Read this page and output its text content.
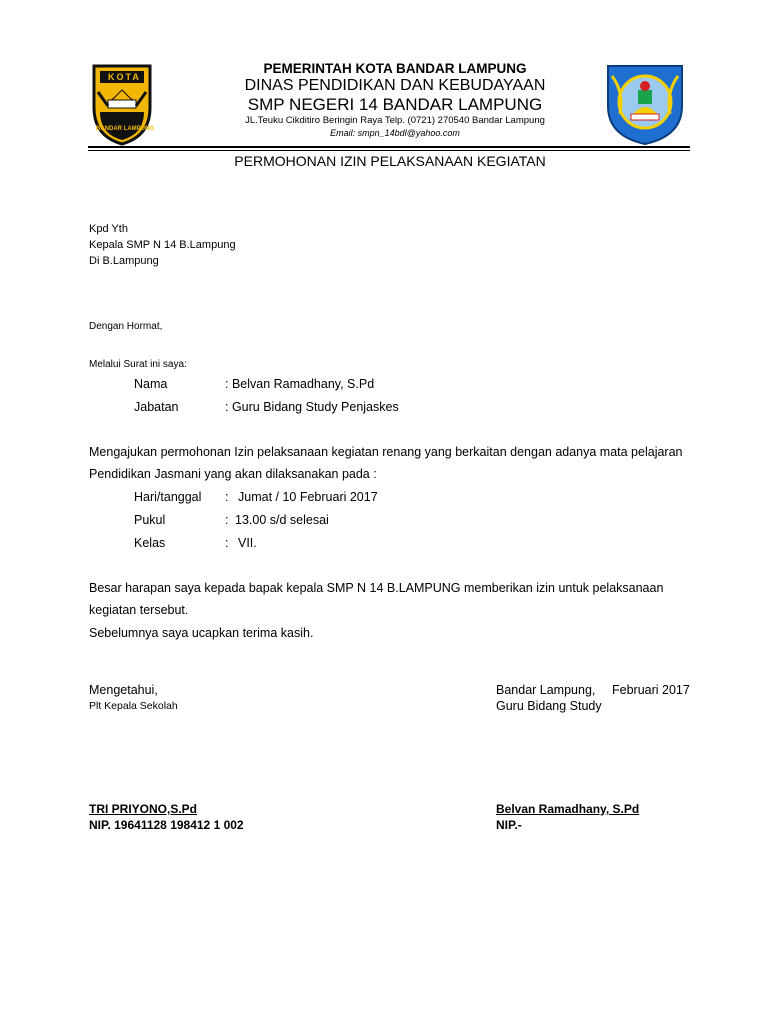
KOTA
BANDAR LAMPUNG
PEMERINTAH KOTA BANDAR LAMPUNG
DINAS PENDIDIKAN DAN KEBUDAYAAN
SMP NEGERI 14 BANDAR LAMPUNG
JL.Teuku Cikditiro Beringin Raya Telp. (0721) 270540 Bandar Lampung
Email: smpn_14bdl@yahoo.com
PERMOHONAN IZIN PELAKSANAAN KEGIATAN
Kpd Yth
Kepala SMP N 14 B.Lampung
Di B.Lampung
Dengan Hormat,
Melalui Surat ini saya:
Nama	: Belvan Ramadhany, S.Pd
Jabatan	: Guru Bidang Study Penjaskes
Mengajukan permohonan Izin pelaksanaan kegiatan renang yang berkaitan dengan adanya mata pelajaran
Pendidikan Jasmani yang akan dilaksanakan pada :
Hari/tanggal : Jumat / 10 Februari 2017
Pukul	: 13.00 s/d selesai
Kelas	: VII.
Besar harapan saya kepada bapak kepala SMP N 14 B.LAMPUNG memberikan izin untuk pelaksanaan
kegiatan tersebut.
Sebelumnya saya ucapkan terima kasih.
Mengetahui,
Plt Kepala Sekolah
Bandar Lampung, Februari 2017
Guru Bidang Study
TRI PRIYONO,S.Pd
NIP. 19641128 198412 1 002
Belvan Ramadhany, S.Pd
NIP.-
